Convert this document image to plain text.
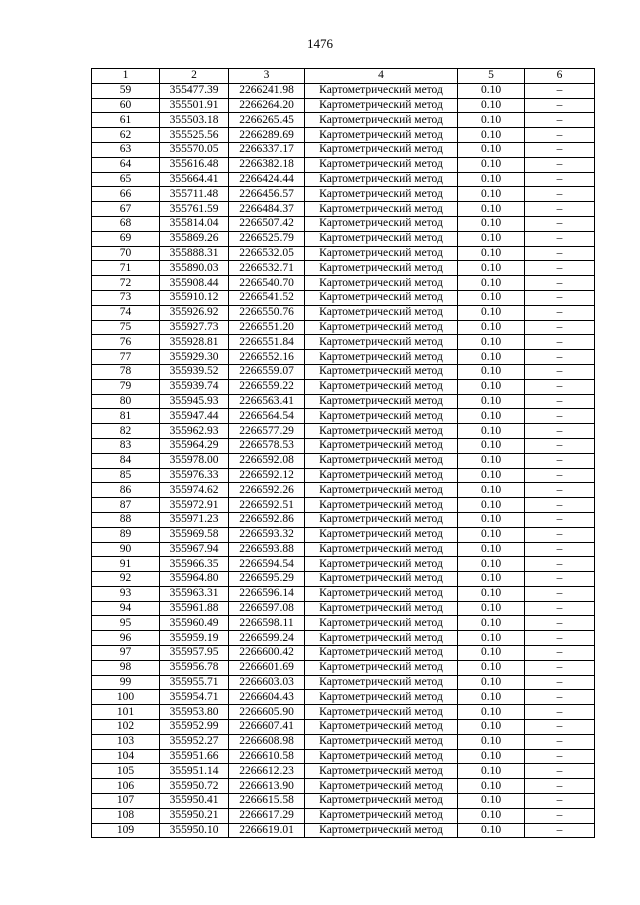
1476
1	2	3	4	5	6
59	355477.39	2266241.98	Картометрический метод	0.10	–
60	355501.91	2266264.20	Картометрический метод	0.10	–
61	355503.18	2266265.45	Картометрический метод	0.10	–
62	355525.56	2266289.69	Картометрический метод	0.10	–
63	355570.05	2266337.17	Картометрический метод	0.10	–
64	355616.48	2266382.18	Картометрический метод	0.10	–
65	355664.41	2266424.44	Картометрический метод	0.10	–
66	355711.48	2266456.57	Картометрический метод	0.10	–
67	355761.59	2266484.37	Картометрический метод	0.10	–
68	355814.04	2266507.42	Картометрический метод	0.10	–
69	355869.26	2266525.79	Картометрический метод	0.10	–
70	355888.31	2266532.05	Картометрический метод	0.10	–
71	355890.03	2266532.71	Картометрический метод	0.10	–
72	355908.44	2266540.70	Картометрический метод	0.10	–
73	355910.12	2266541.52	Картометрический метод	0.10	–
74	355926.92	2266550.76	Картометрический метод	0.10	–
75	355927.73	2266551.20	Картометрический метод	0.10	–
76	355928.81	2266551.84	Картометрический метод	0.10	–
77	355929.30	2266552.16	Картометрический метод	0.10	–
78	355939.52	2266559.07	Картометрический метод	0.10	–
79	355939.74	2266559.22	Картометрический метод	0.10	–
80	355945.93	2266563.41	Картометрический метод	0.10	–
81	355947.44	2266564.54	Картометрический метод	0.10	–
82	355962.93	2266577.29	Картометрический метод	0.10	–
83	355964.29	2266578.53	Картометрический метод	0.10	–
84	355978.00	2266592.08	Картометрический метод	0.10	–
85	355976.33	2266592.12	Картометрический метод	0.10	–
86	355974.62	2266592.26	Картометрический метод	0.10	–
87	355972.91	2266592.51	Картометрический метод	0.10	–
88	355971.23	2266592.86	Картометрический метод	0.10	–
89	355969.58	2266593.32	Картометрический метод	0.10	–
90	355967.94	2266593.88	Картометрический метод	0.10	–
91	355966.35	2266594.54	Картометрический метод	0.10	–
92	355964.80	2266595.29	Картометрический метод	0.10	–
93	355963.31	2266596.14	Картометрический метод	0.10	–
94	355961.88	2266597.08	Картометрический метод	0.10	–
95	355960.49	2266598.11	Картометрический метод	0.10	–
96	355959.19	2266599.24	Картометрический метод	0.10	–
97	355957.95	2266600.42	Картометрический метод	0.10	–
98	355956.78	2266601.69	Картометрический метод	0.10	–
99	355955.71	2266603.03	Картометрический метод	0.10	–
100	355954.71	2266604.43	Картометрический метод	0.10	–
101	355953.80	2266605.90	Картометрический метод	0.10	–
102	355952.99	2266607.41	Картометрический метод	0.10	–
103	355952.27	2266608.98	Картометрический метод	0.10	–
104	355951.66	2266610.58	Картометрический метод	0.10	–
105	355951.14	2266612.23	Картометрический метод	0.10	–
106	355950.72	2266613.90	Картометрический метод	0.10	–
107	355950.41	2266615.58	Картометрический метод	0.10	–
108	355950.21	2266617.29	Картометрический метод	0.10	–
109	355950.10	2266619.01	Картометрический метод	0.10	–
